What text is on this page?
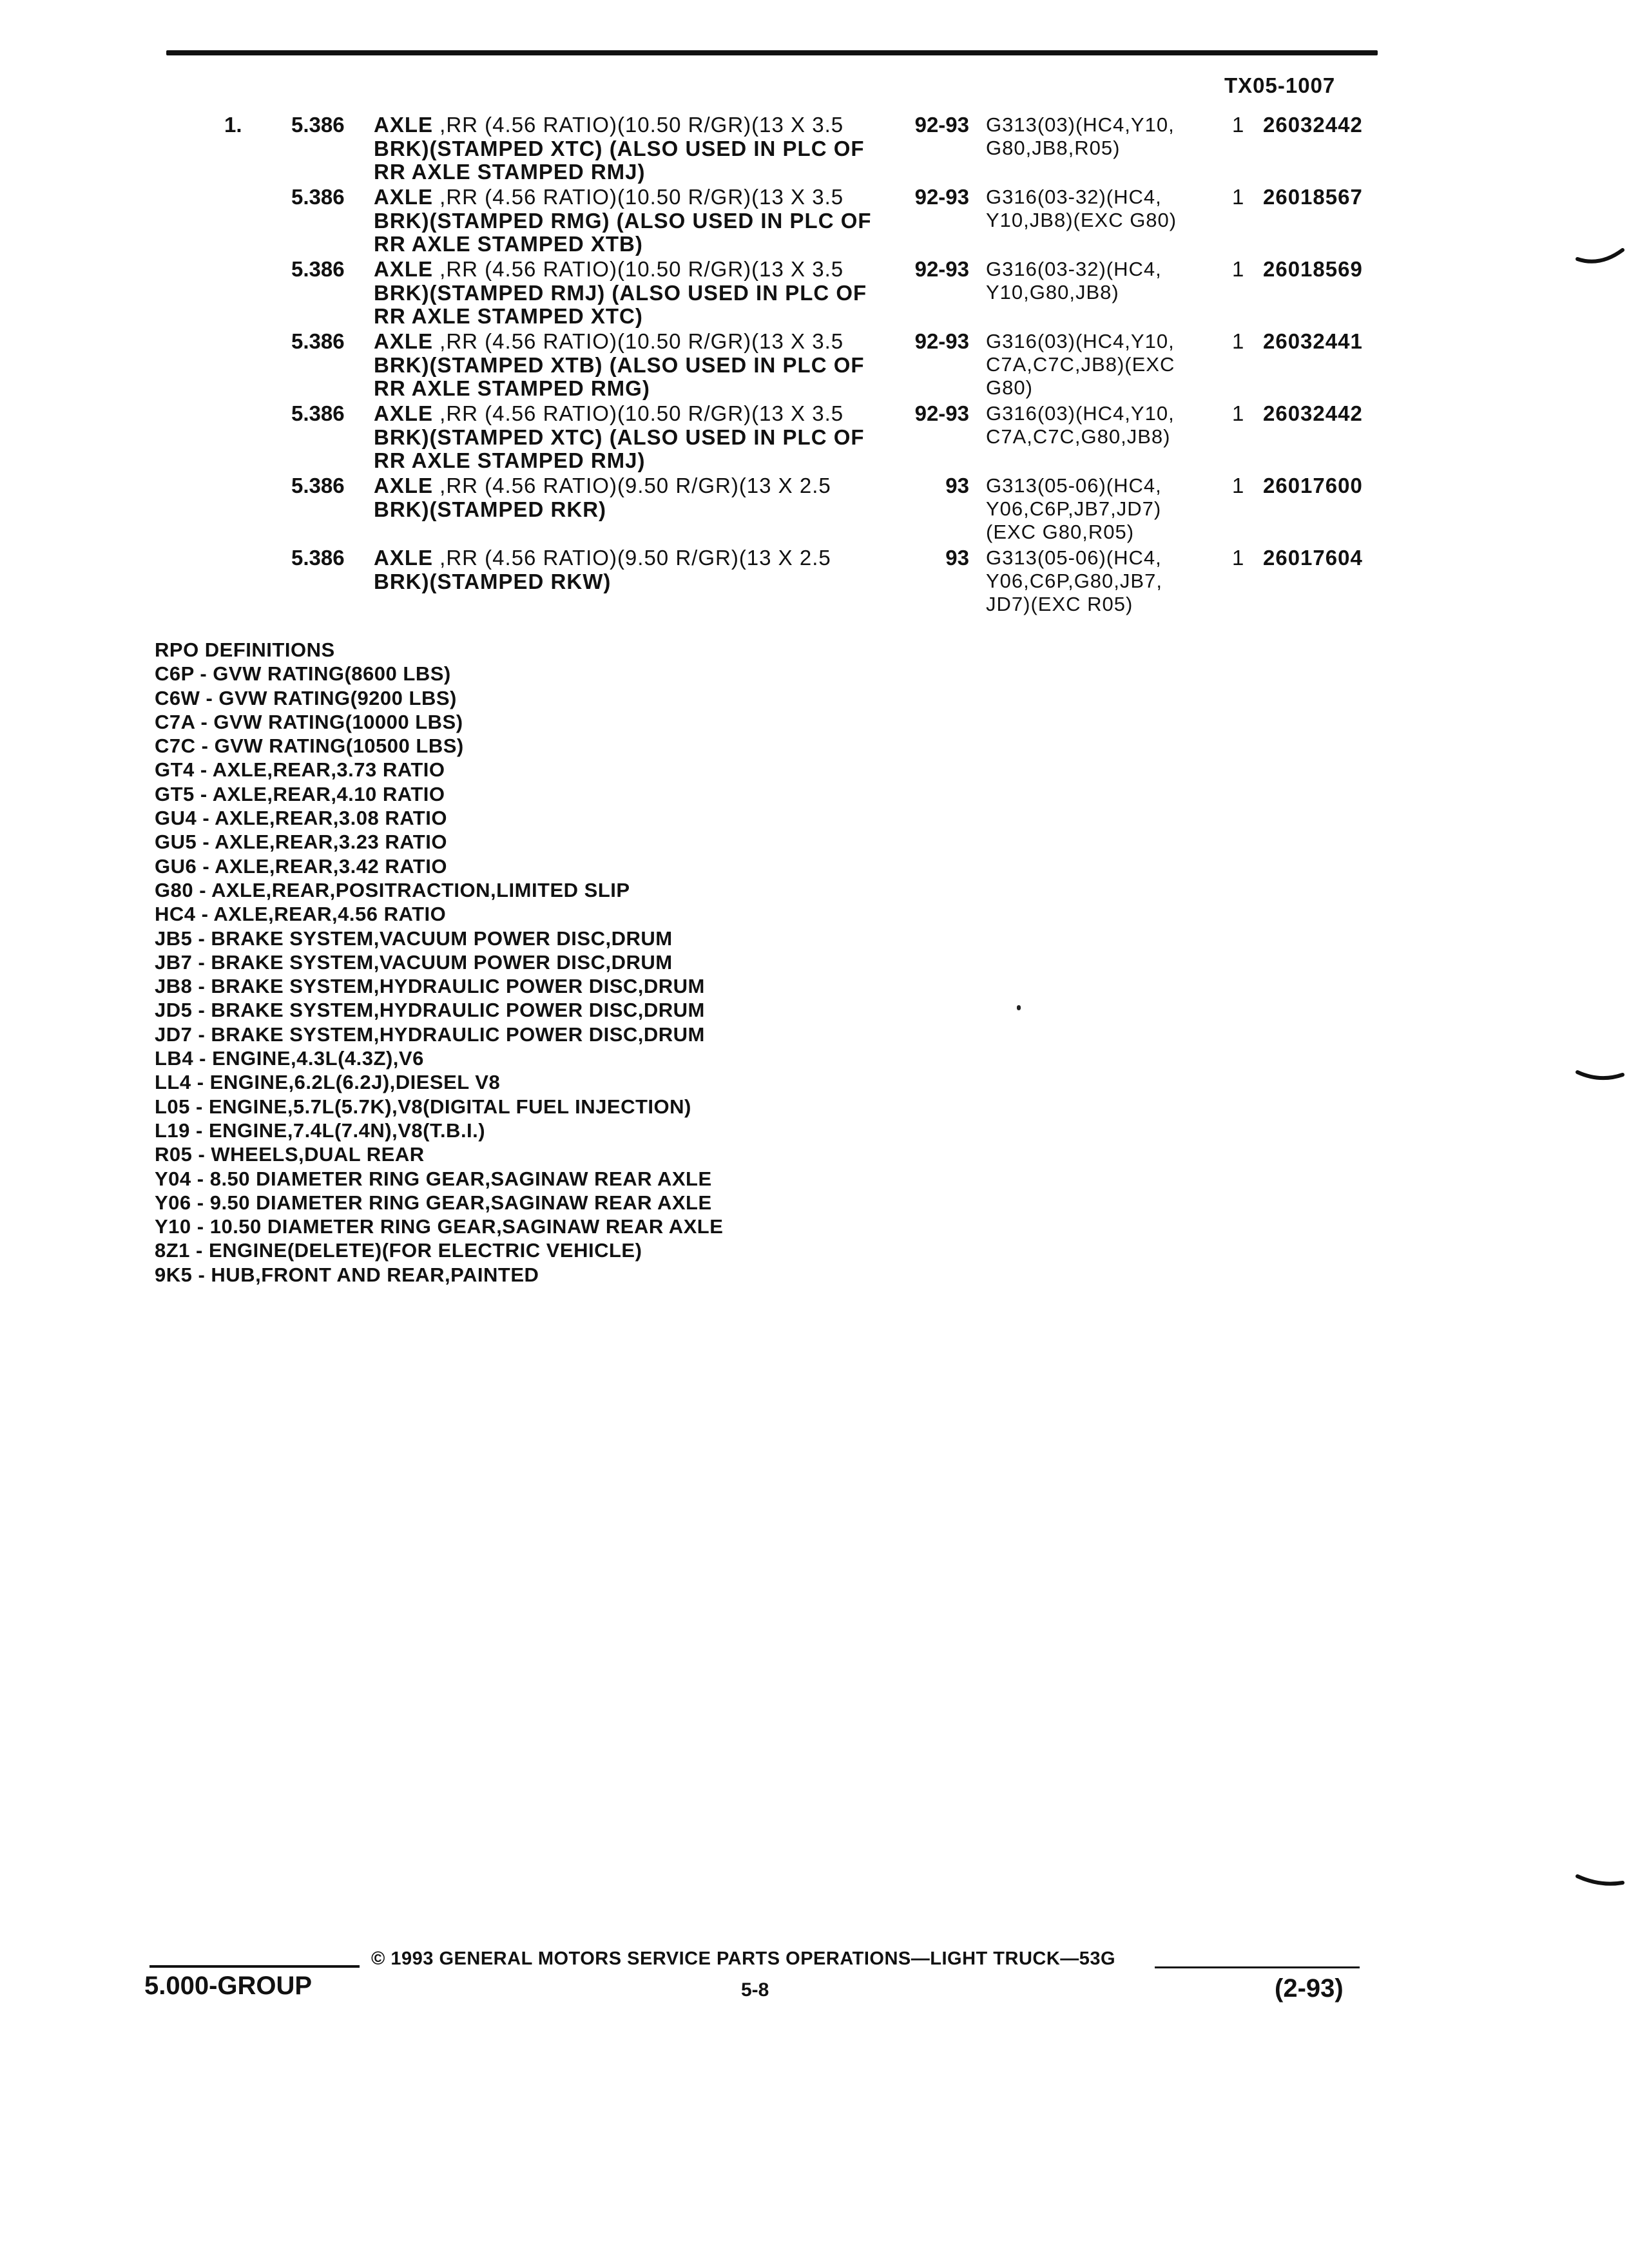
TX05-1007
1. 5.386 AXLE ,RR (4.56 RATIO)(10.50 R/GR)(13 X 3.5
BRK)(STAMPED XTC) (ALSO USED IN PLC OF
RR AXLE STAMPED RMJ)
92-93 G313(03)(HC4,Y10,
G80,JB8,R05)
1 26032442
5.386 AXLE ,RR (4.56 RATIO)(10.50 R/GR)(13 X 3.5
BRK)(STAMPED RMG) (ALSO USED IN PLC OF
RR AXLE STAMPED XTB)
92-93 G316(03-32)(HC4,
Y10,JB8)(EXC G80)
1 26018567
5.386 AXLE ,RR (4.56 RATIO)(10.50 R/GR)(13 X 3.5
BRK)(STAMPED RMJ) (ALSO USED IN PLC OF
RR AXLE STAMPED XTC)
92-93 G316(03-32)(HC4,
Y10,G80,JB8)
1 26018569
5.386 AXLE ,RR (4.56 RATIO)(10.50 R/GR)(13 X 3.5
BRK)(STAMPED XTB) (ALSO USED IN PLC OF
RR AXLE STAMPED RMG)
92-93 G316(03)(HC4,Y10,
C7A,C7C,JB8)(EXC
G80)
1 26032441
5.386 AXLE ,RR (4.56 RATIO)(10.50 R/GR)(13 X 3.5
BRK)(STAMPED XTC) (ALSO USED IN PLC OF
RR AXLE STAMPED RMJ)
92-93 G316(03)(HC4,Y10,
C7A,C7C,G80,JB8)
1 26032442
5.386 AXLE ,RR (4.56 RATIO)(9.50 R/GR)(13 X 2.5
BRK)(STAMPED RKR)
93 G313(05-06)(HC4,
Y06,C6P,JB7,JD7)
(EXC G80,R05)
1 26017600
5.386 AXLE ,RR (4.56 RATIO)(9.50 R/GR)(13 X 2.5
BRK)(STAMPED RKW)
93 G313(05-06)(HC4,
Y06,C6P,G80,JB7,
JD7)(EXC R05)
1 26017604
RPO DEFINITIONS
C6P - GVW RATING(8600 LBS)
C6W - GVW RATING(9200 LBS)
C7A - GVW RATING(10000 LBS)
C7C - GVW RATING(10500 LBS)
GT4 - AXLE,REAR,3.73 RATIO
GT5 - AXLE,REAR,4.10 RATIO
GU4 - AXLE,REAR,3.08 RATIO
GU5 - AXLE,REAR,3.23 RATIO
GU6 - AXLE,REAR,3.42 RATIO
G80 - AXLE,REAR,POSITRACTION,LIMITED SLIP
HC4 - AXLE,REAR,4.56 RATIO
JB5 - BRAKE SYSTEM,VACUUM POWER DISC,DRUM
JB7 - BRAKE SYSTEM,VACUUM POWER DISC,DRUM
JB8 - BRAKE SYSTEM,HYDRAULIC POWER DISC,DRUM
JD5 - BRAKE SYSTEM,HYDRAULIC POWER DISC,DRUM
JD7 - BRAKE SYSTEM,HYDRAULIC POWER DISC,DRUM
LB4 - ENGINE,4.3L(4.3Z),V6
LL4 - ENGINE,6.2L(6.2J),DIESEL V8
L05 - ENGINE,5.7L(5.7K),V8(DIGITAL FUEL INJECTION)
L19 - ENGINE,7.4L(7.4N),V8(T.B.I.)
R05 - WHEELS,DUAL REAR
Y04 - 8.50 DIAMETER RING GEAR,SAGINAW REAR AXLE
Y06 - 9.50 DIAMETER RING GEAR,SAGINAW REAR AXLE
Y10 - 10.50 DIAMETER RING GEAR,SAGINAW REAR AXLE
8Z1 - ENGINE(DELETE)(FOR ELECTRIC VEHICLE)
9K5 - HUB,FRONT AND REAR,PAINTED
© 1993 GENERAL MOTORS SERVICE PARTS OPERATIONS—LIGHT TRUCK—53G
5.000-GROUP	5-8	(2-93)
